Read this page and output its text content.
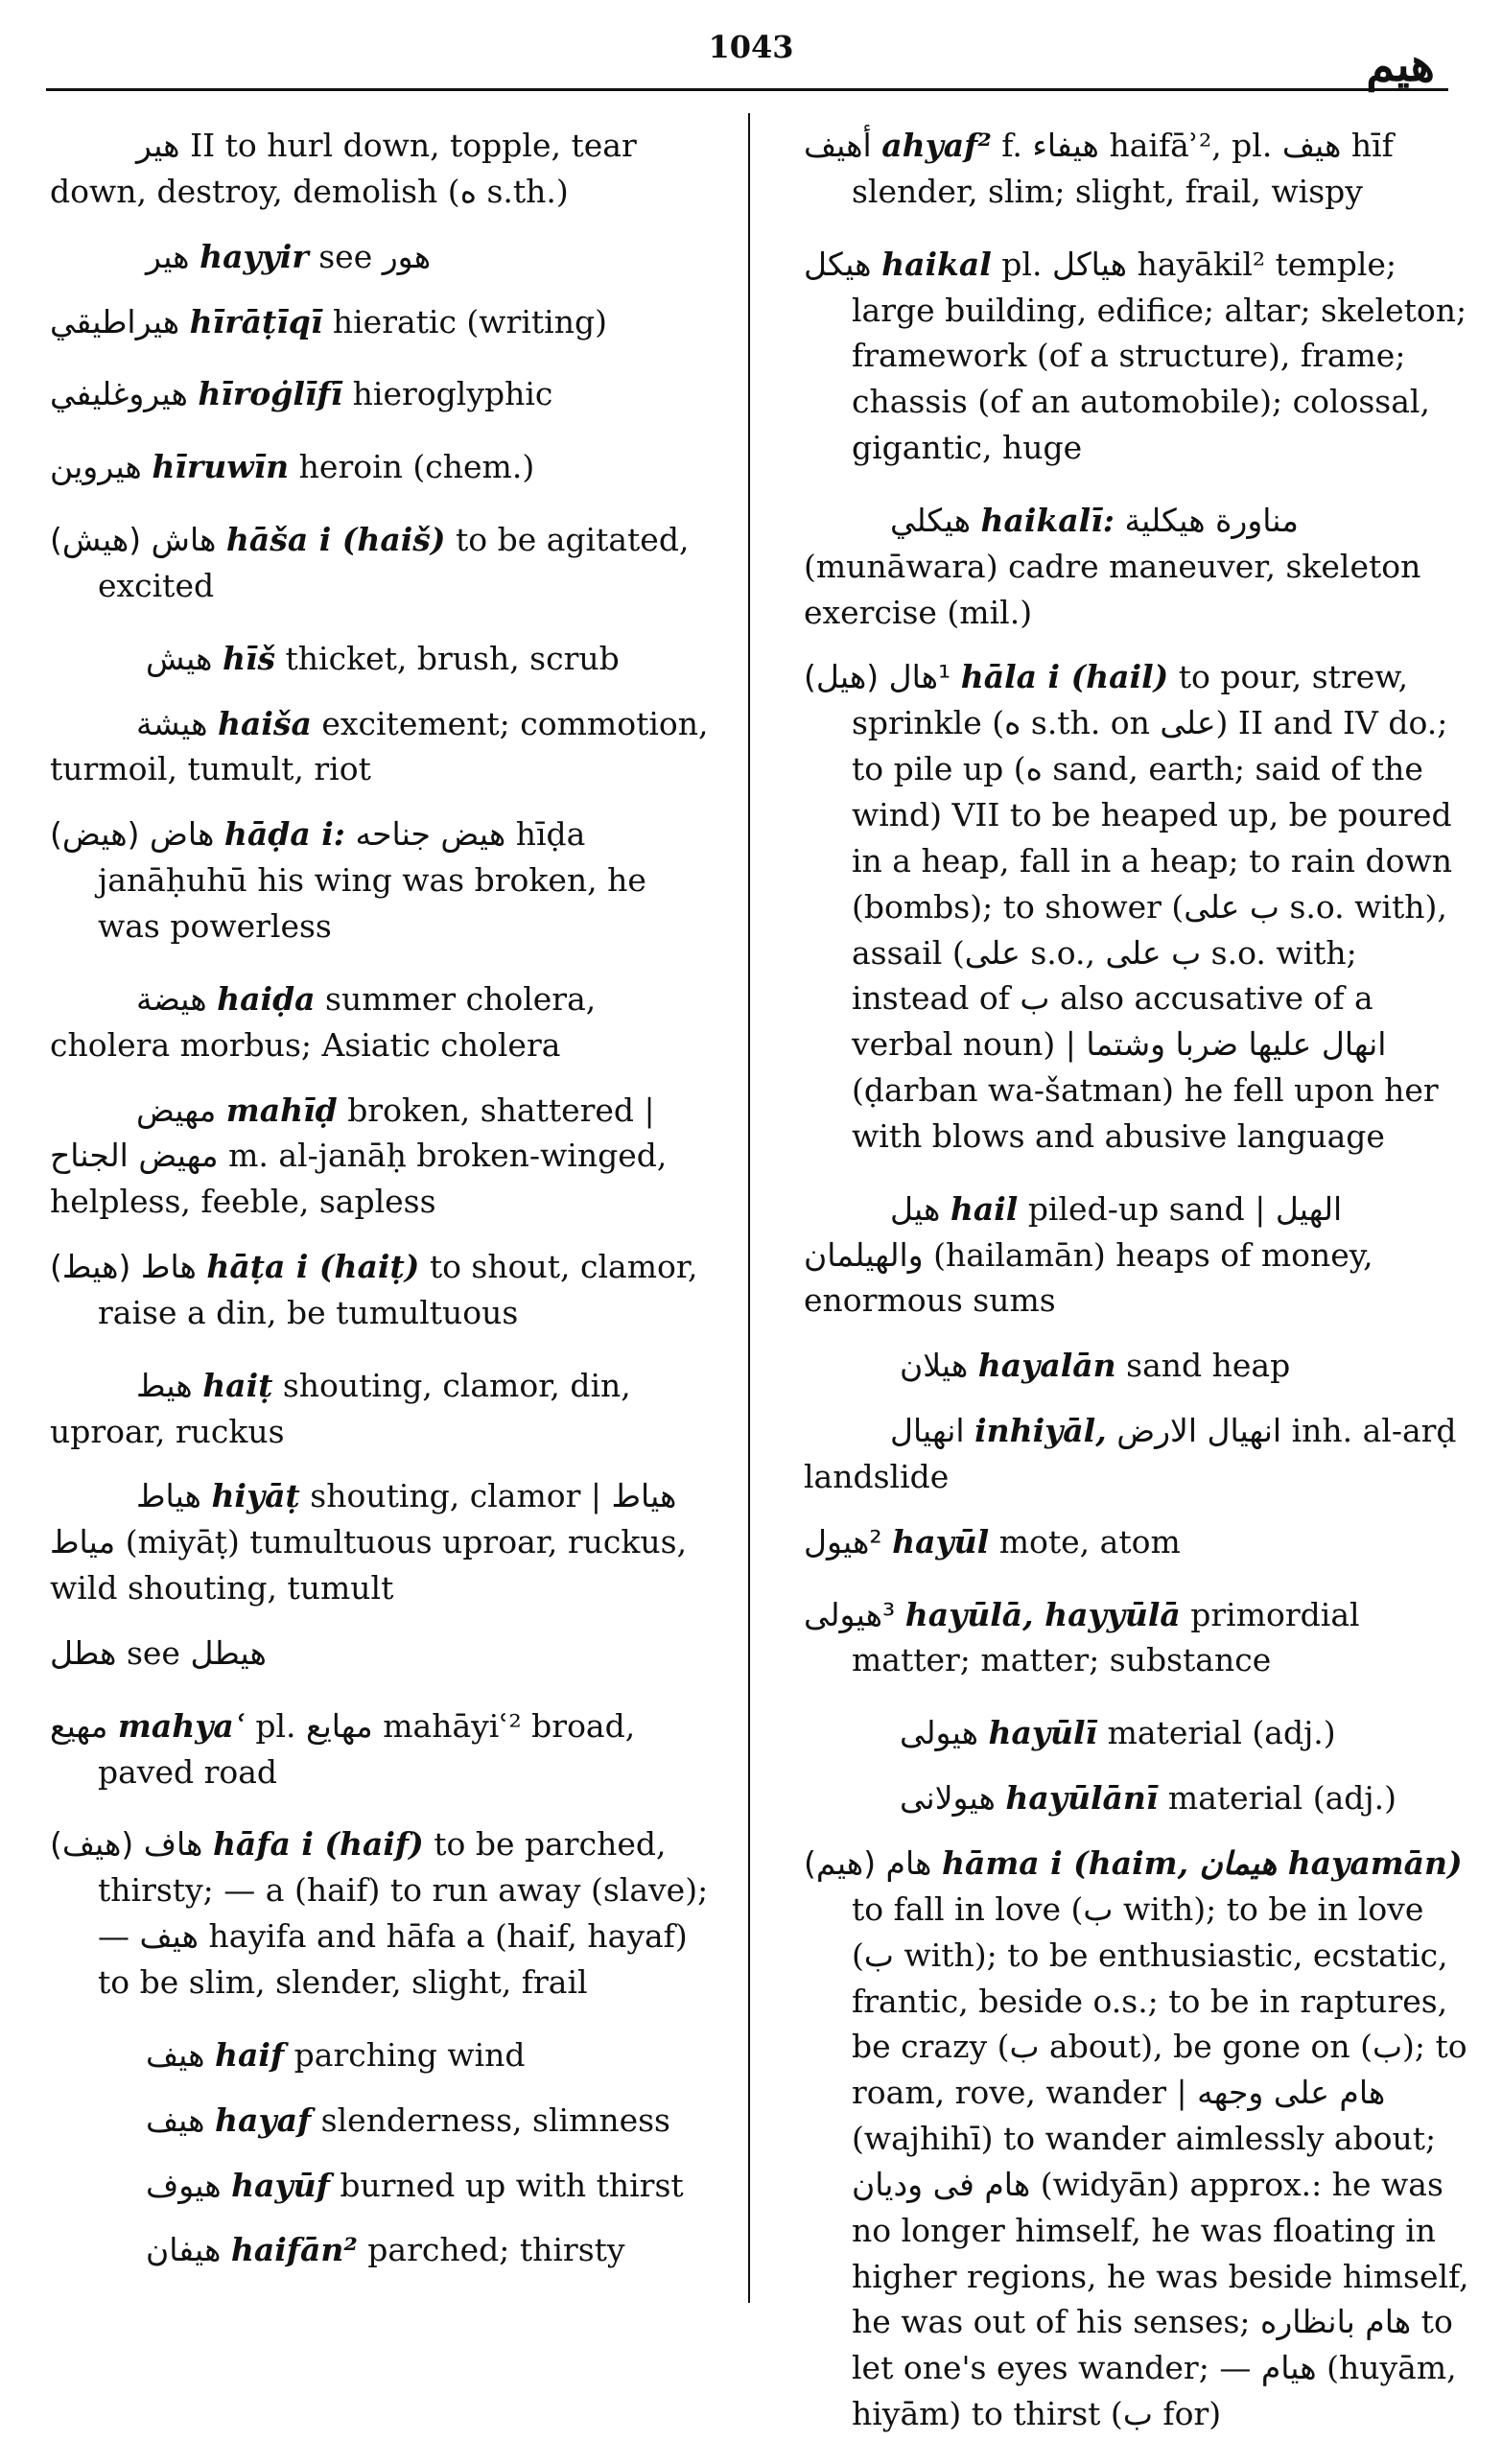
1043	هيم

هير II to hurl down, topple, tear down, destroy, demolish (ه s.th.)

هير hayyir see هور

هيراطيقي hīrāṭīqī hieratic (writing)

هيروغليفي hīroġlīfī hieroglyphic

هيروين hīruwīn heroin (chem.)

هاش (هيش) hāša i (haiš) to be agitated, excited

هيش hīš thicket, brush, scrub

هيشة haiša excitement; commotion, turmoil, tumult, riot

هاض (هيض) hāḍa i: هيض جناحه hīḍa janāḥuhū his wing was broken, he was powerless

هيضة haiḍa summer cholera, cholera morbus; Asiatic cholera

مهيض mahīḍ broken, shattered | مهيض الجناح m. al-janāḥ broken-winged, helpless, feeble, sapless

هاط (هيط) hāṭa i (haiṭ) to shout, clamor, raise a din, be tumultuous

هيط haiṭ shouting, clamor, din, uproar, ruckus

هياط hiyāṭ shouting, clamor | هياط مياط (miyāṭ) tumultuous uproar, ruckus, wild shouting, tumult

هطل see هيطل

مهيع mahyaʿ pl. مهايع mahāyiʿ² broad, paved road

هاف (هيف) hāfa i (haif) to be parched, thirsty; — a (haif) to run away (slave); — هيف hayifa and hāfa a (haif, hayaf) to be slim, slender, slight, frail

هيف haif parching wind

هيف hayaf slenderness, slimness

هيوف hayūf burned up with thirst

هيفان haifān² parched; thirsty

أهيف ahyaf² f. هيفاء haifāʾ², pl. هيف hīf slender, slim; slight, frail, wispy

هيكل haikal pl. هياكل hayākil² temple; large building, edifice; altar; skeleton; framework (of a structure), frame; chassis (of an automobile); colossal, gigantic, huge

هيكلي haikalī: مناورة هيكلية (munāwara) cadre maneuver, skeleton exercise (mil.)

¹هال (هيل) hāla i (hail) to pour, strew, sprinkle (ه s.th. on على) II and IV do.; to pile up (ه sand, earth; said of the wind) VII to be heaped up, be poured in a heap, fall in a heap; to rain down (bombs); to shower (ب على s.o. with), assail (على s.o., ب على s.o. with; instead of ب also accusative of a verbal noun) | انهال عليها ضربا وشتما (ḍarban wa-šatman) he fell upon her with blows and abusive language

هيل hail piled-up sand | الهيل والهيلمان (hailamān) heaps of money, enormous sums

هيلان hayalān sand heap

انهيال inhiyāl, انهيال الارض inh. al-arḍ landslide

²هيول hayūl mote, atom

³هيولى hayūlā, hayyūlā primordial matter; matter; substance

هيولى hayūlī material (adj.)

هيولانى hayūlānī material (adj.)

هام (هيم) hāma i (haim, هيمان hayamān) to fall in love (ب with); to be in love (ب with); to be enthusiastic, ecstatic, frantic, beside o.s.; to be in raptures, be crazy (ب about), be gone on (ب); to roam, rove, wander | هام على وجهه (wajhihī) to wander aimlessly about; هام فى وديان (widyān) approx.: he was no longer himself, he was floating in higher regions, he was beside himself, he was out of his senses; هام بانظاره to let one's eyes wander; — هيام (huyām, hiyām) to thirst (ب for)
